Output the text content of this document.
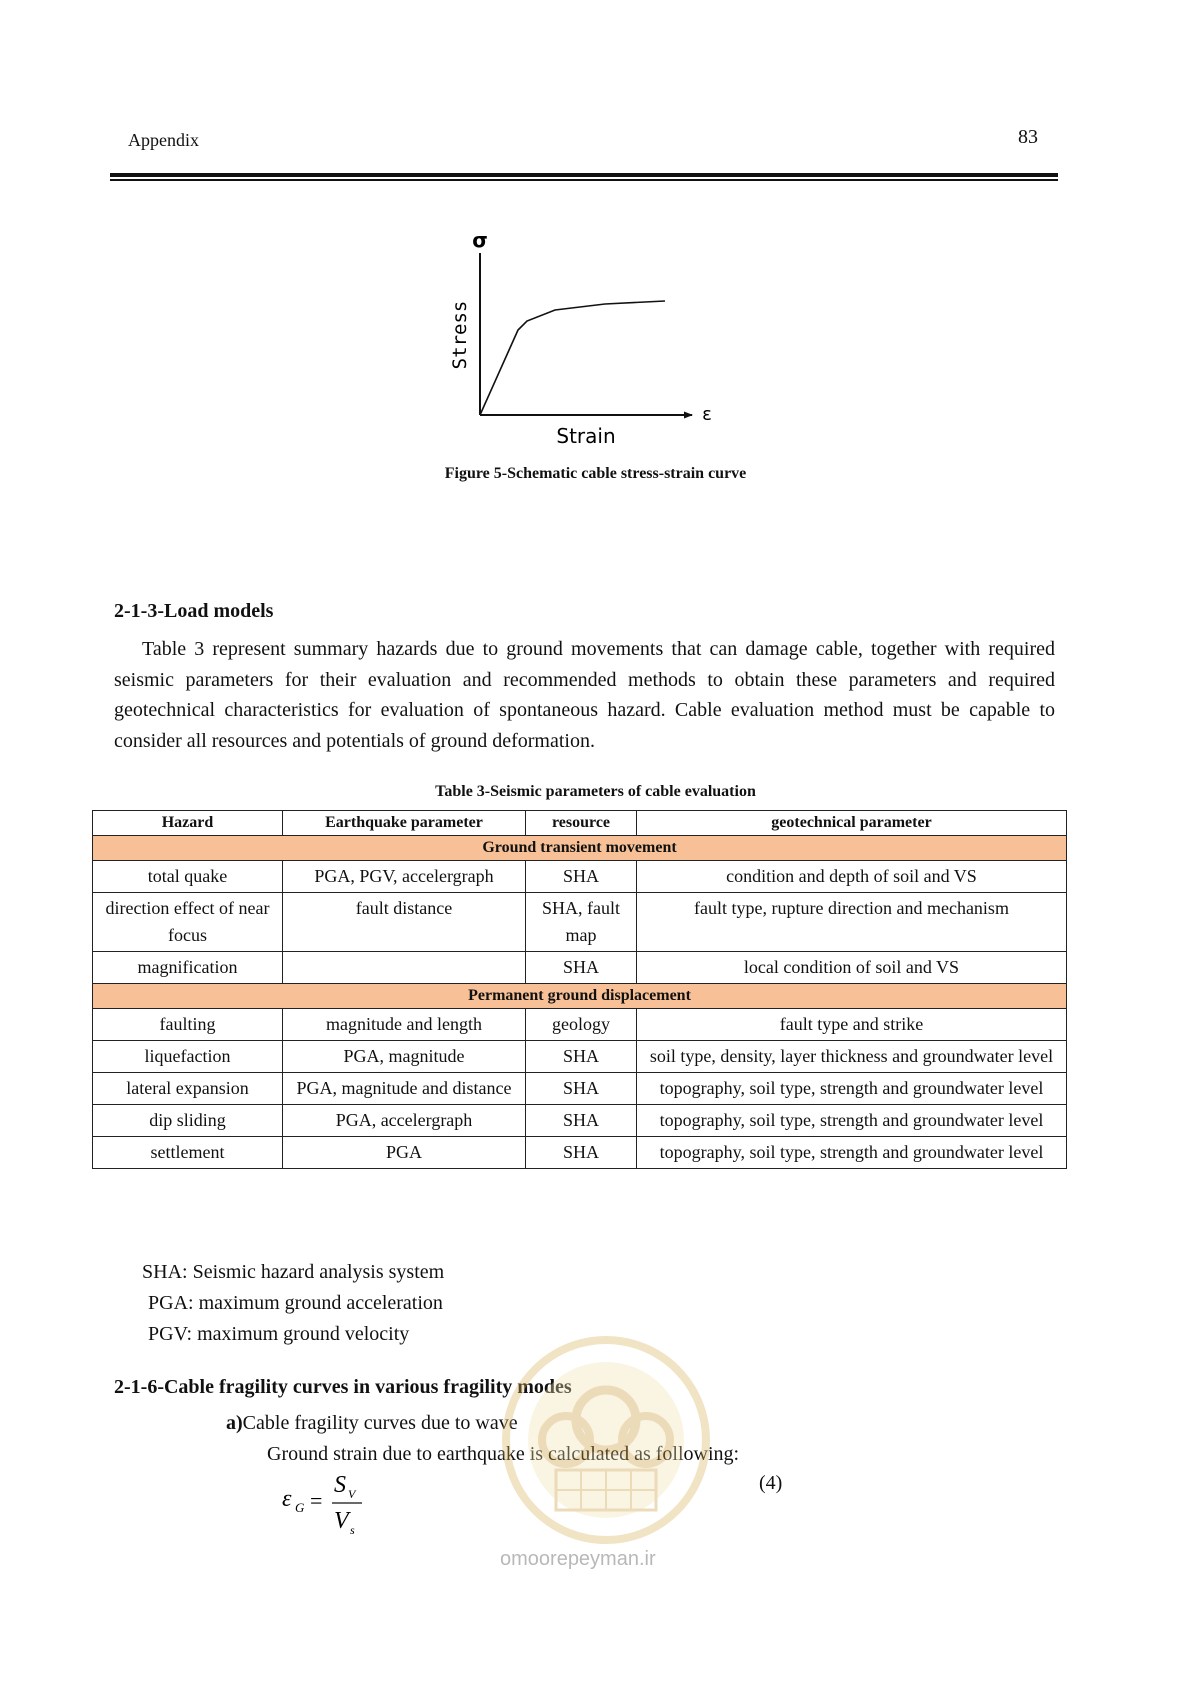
Appendix	83
σ
Stress
ε
Strain
Figure 5-Schematic cable stress-strain curve
2-1-3-Load models
Table 3 represent summary hazards due to ground movements that can damage cable, together with required seismic parameters for their evaluation and recommended methods to obtain these parameters and required geotechnical characteristics for evaluation of spontaneous hazard. Cable evaluation method must be capable to consider all resources and potentials of ground deformation.
Table 3-Seismic parameters of cable evaluation
Hazard	Earthquake parameter	resource	geotechnical parameter
Ground transient movement			
total quake	PGA, PGV, accelergraph	SHA	condition and depth of soil and VS
direction effect of near focus	fault distance	SHA, fault map	fault type, rupture direction and mechanism
magnification		SHA	local condition of soil and VS
Permanent ground displacement			
faulting	magnitude and length	geology	fault type and strike
liquefaction	PGA, magnitude	SHA	soil type, density, layer thickness and groundwater level
lateral expansion	PGA, magnitude and distance	SHA	topography, soil type, strength and groundwater level
dip sliding	PGA, accelergraph	SHA	topography, soil type, strength and groundwater level
settlement	PGA	SHA	topography, soil type, strength and groundwater level
SHA: Seismic hazard analysis system
PGA: maximum ground acceleration
PGV: maximum ground velocity
2-1-6-Cable fragility curves in various fragility modes
a)Cable fragility curves due to wave
Ground strain due to earthquake is calculated as following:
(4)
ε G =
S V
V s
omoorepeyman.ir
